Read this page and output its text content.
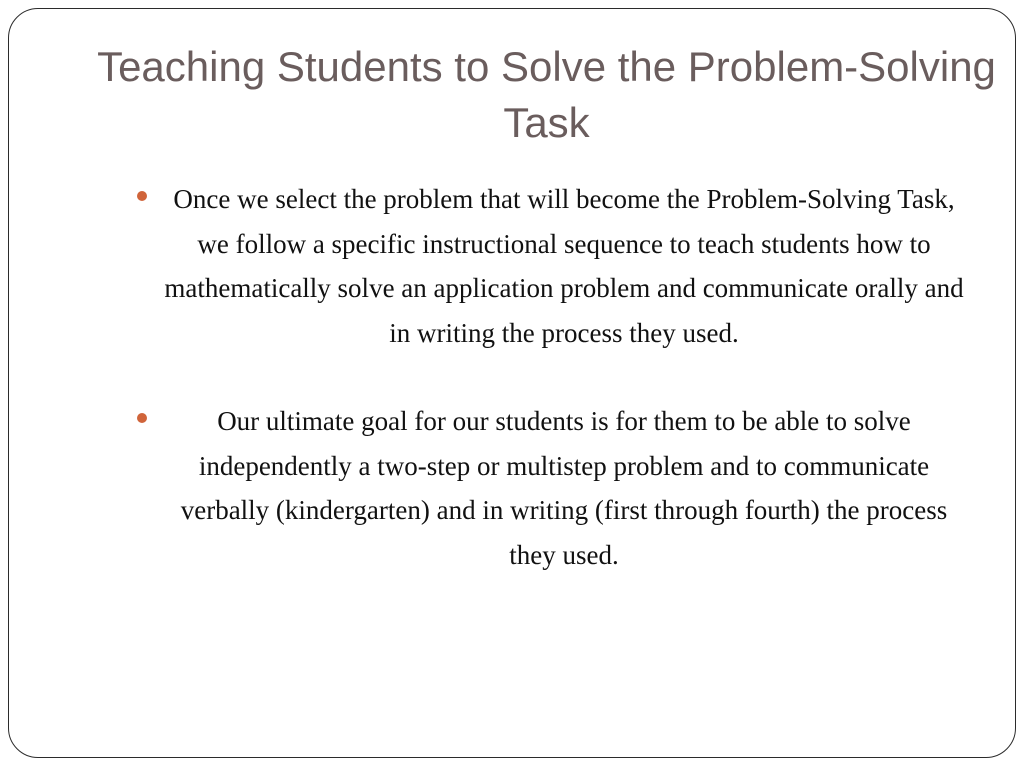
Teaching Students to Solve the Problem-Solving Task
Once we select the problem that will become the Problem-Solving Task, we follow a specific instructional sequence to teach students how to mathematically solve an application problem and communicate orally and in writing the process they used.
Our ultimate goal for our students is for them to be able to solve independently a two-step or multistep problem and to communicate verbally (kindergarten) and in writing (first through fourth) the process they used.
